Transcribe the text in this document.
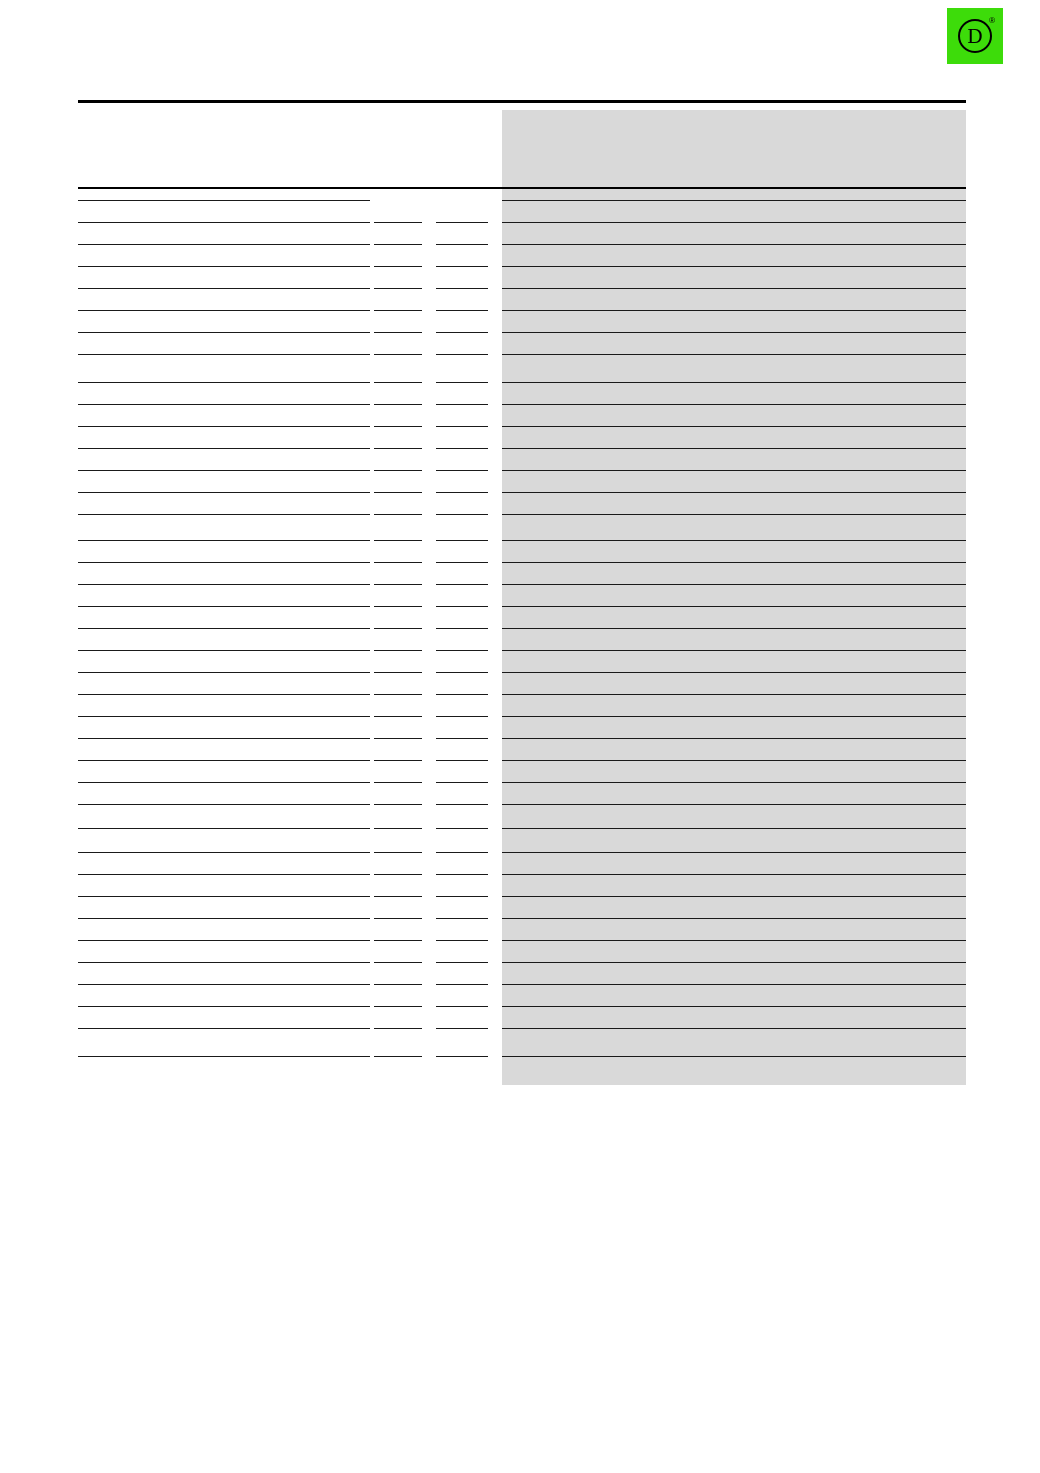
D
®
